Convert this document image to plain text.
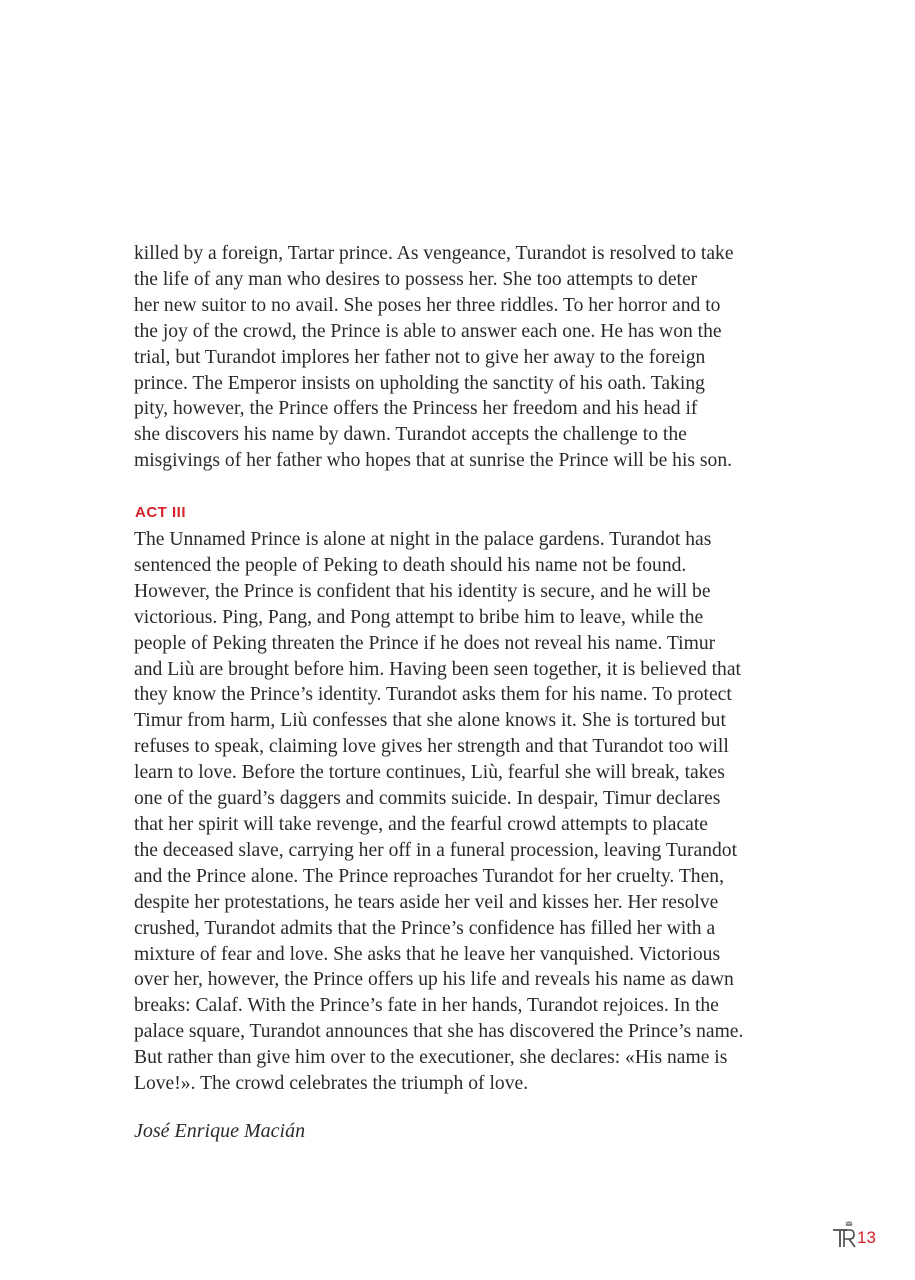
killed by a foreign, Tartar prince. As vengeance, Turandot is resolved to take
the life of any man who desires to possess her. She too attempts to deter
her new suitor to no avail. She poses her three riddles. To her horror and to
the joy of the crowd, the Prince is able to answer each one. He has won the
trial, but Turandot implores her father not to give her away to the foreign
prince. The Emperor insists on upholding the sanctity of his oath. Taking
pity, however, the Prince offers the Princess her freedom and his head if
she discovers his name by dawn. Turandot accepts the challenge to the
misgivings of her father who hopes that at sunrise the Prince will be his son.

ACT III

The Unnamed Prince is alone at night in the palace gardens. Turandot has
sentenced the people of Peking to death should his name not be found.
However, the Prince is confident that his identity is secure, and he will be
victorious. Ping, Pang, and Pong attempt to bribe him to leave, while the
people of Peking threaten the Prince if he does not reveal his name. Timur
and Liù are brought before him. Having been seen together, it is believed that
they know the Prince’s identity. Turandot asks them for his name. To protect
Timur from harm, Liù confesses that she alone knows it. She is tortured but
refuses to speak, claiming love gives her strength and that Turandot too will
learn to love. Before the torture continues, Liù, fearful she will break, takes
one of the guard’s daggers and commits suicide. In despair, Timur declares
that her spirit will take revenge, and the fearful crowd attempts to placate
the deceased slave, carrying her off in a funeral procession, leaving Turandot
and the Prince alone. The Prince reproaches Turandot for her cruelty. Then,
despite her protestations, he tears aside her veil and kisses her. Her resolve
crushed, Turandot admits that the Prince’s confidence has filled her with a
mixture of fear and love. She asks that he leave her vanquished. Victorious
over her, however, the Prince offers up his life and reveals his name as dawn
breaks: Calaf. With the Prince’s fate in her hands, Turandot rejoices. In the
palace square, Turandot announces that she has discovered the Prince’s name.
But rather than give him over to the executioner, she declares: «His name is
Love!». The crowd celebrates the triumph of love.

José Enrique Macián

13
